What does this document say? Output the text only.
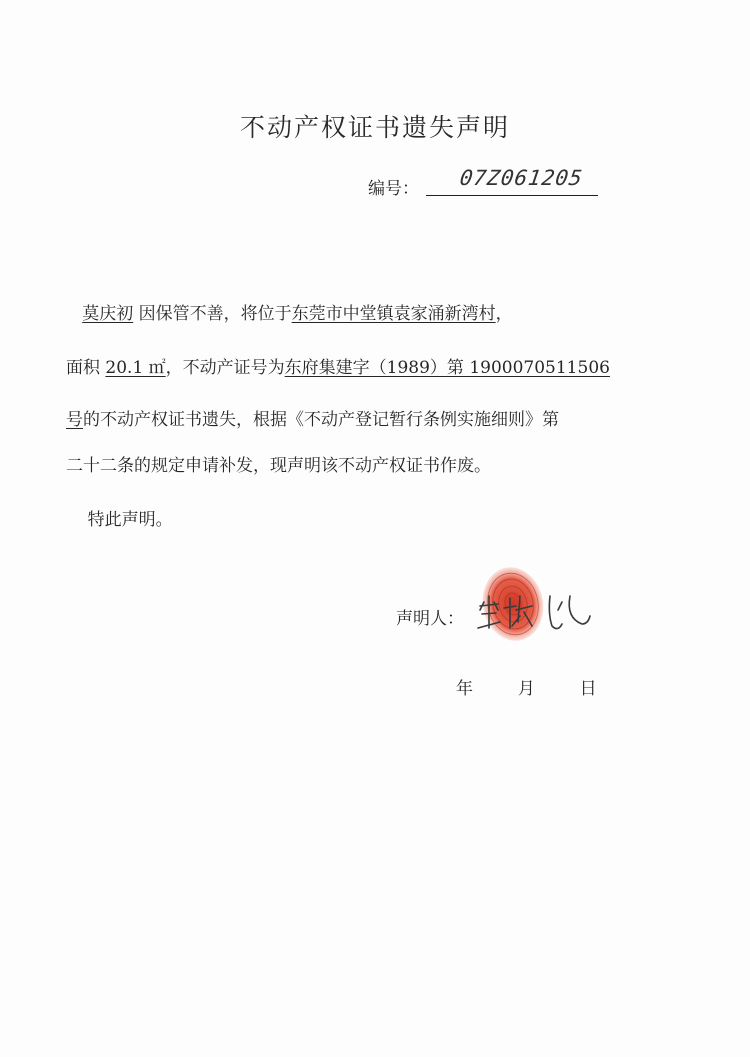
不动产权证书遗失声明
编号： 07Z061205
莫庆初 因保管不善，将位于东莞市中堂镇袁家涌新湾村，
面积 20.1 ㎡，不动产证号为东府集建字（1989）第 1900070511506
号的不动产权证书遗失，根据《不动产登记暂行条例实施细则》第
二十二条的规定申请补发，现声明该不动产权证书作废。
特此声明。
声明人：
年	月	日
